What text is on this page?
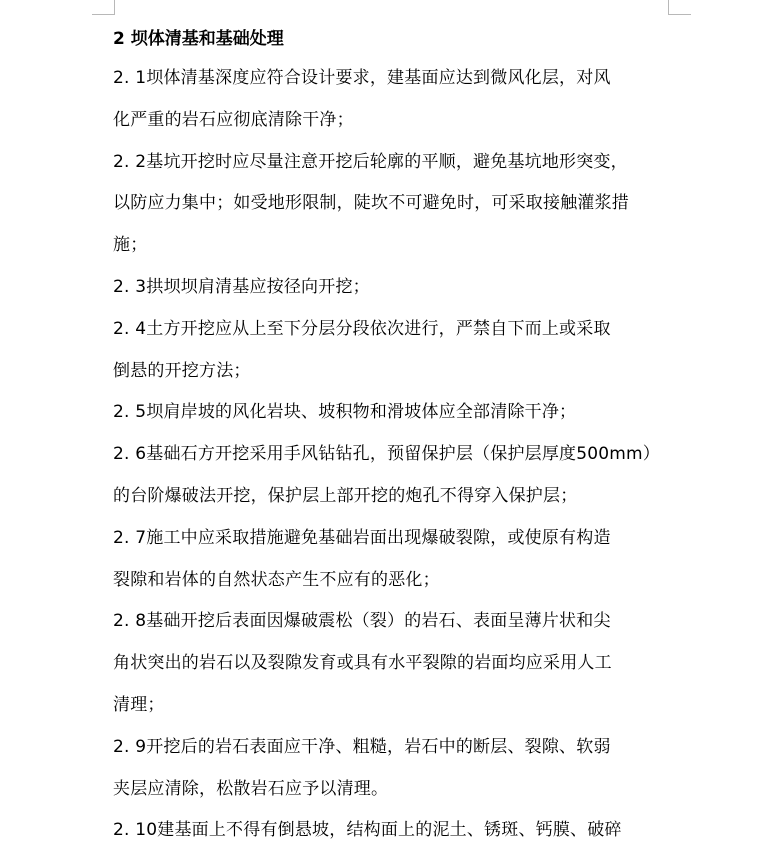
2 坝体清基和基础处理
2. 1坝体清基深度应符合设计要求，建基面应达到微风化层，对风
化严重的岩石应彻底清除干净；
2. 2基坑开挖时应尽量注意开挖后轮廓的平顺，避免基坑地形突变，
以防应力集中；如受地形限制，陡坎不可避免时，可采取接触灌浆措
施；
2. 3拱坝坝肩清基应按径向开挖；
2. 4土方开挖应从上至下分层分段依次进行，严禁自下而上或采取
倒悬的开挖方法；
2. 5坝肩岸坡的风化岩块、坡积物和滑坡体应全部清除干净；
2. 6基础石方开挖采用手风钻钻孔，预留保护层（保护层厚度500mm）
的台阶爆破法开挖，保护层上部开挖的炮孔不得穿入保护层；
2. 7施工中应采取措施避免基础岩面出现爆破裂隙，或使原有构造
裂隙和岩体的自然状态产生不应有的恶化；
2. 8基础开挖后表面因爆破震松（裂）的岩石、表面呈薄片状和尖
角状突出的岩石以及裂隙发育或具有水平裂隙的岩面均应采用人工
清理；
2. 9开挖后的岩石表面应干净、粗糙，岩石中的断层、裂隙、软弱
夹层应清除，松散岩石应予以清理。
2. 10建基面上不得有倒悬坡，结构面上的泥土、锈斑、钙膜、破碎
